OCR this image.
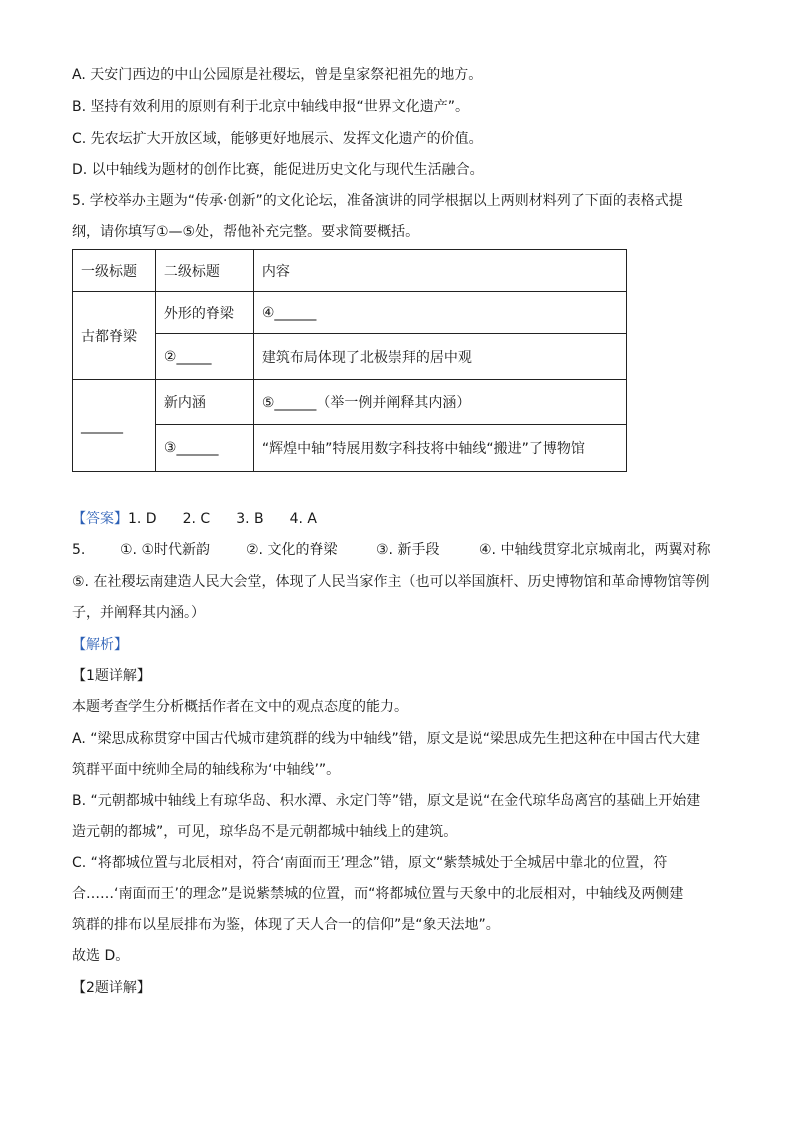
A. 天安门西边的中山公园原是社稷坛，曾是皇家祭祀祖先的地方。
B. 坚持有效利用的原则有利于北京中轴线申报“世界文化遗产”。
C. 先农坛扩大开放区域，能够更好地展示、发挥文化遗产的价值。
D. 以中轴线为题材的创作比赛，能促进历史文化与现代生活融合。
5. 学校举办主题为“传承·创新”的文化论坛，准备演讲的同学根据以上两则材料列了下面的表格式提
纲，请你填写①—⑤处，帮他补充完整。要求简要概括。
一级标题	二级标题	内容
古都脊梁	外形的脊梁	④______
	②_____	建筑布局体现了北极崇拜的居中观
______	新内涵	⑤______（举一例并阐释其内涵）
	③______	“辉煌中轴”特展用数字科技将中轴线“搬进”了博物馆
【答案】1. D 2. C 3. B 4. A
5. ①. ①时代新韵	②. 文化的脊梁	③. 新手段	④. 中轴线贯穿北京城南北，两翼对称
⑤. 在社稷坛南建造人民大会堂，体现了人民当家作主（也可以举国旗杆、历史博物馆和革命博物馆等例
子，并阐释其内涵。）
【解析】
【1题详解】
本题考查学生分析概括作者在文中的观点态度的能力。
A. “梁思成称贯穿中国古代城市建筑群的线为中轴线”错，原文是说“梁思成先生把这种在中国古代大建
筑群平面中统帅全局的轴线称为‘中轴线’”。
B. “元朝都城中轴线上有琼华岛、积水潭、永定门等”错，原文是说“在金代琼华岛离宫的基础上开始建
造元朝的都城”，可见，琼华岛不是元朝都城中轴线上的建筑。
C. “将都城位置与北辰相对，符合‘南面而王’理念”错，原文“紫禁城处于全城居中靠北的位置，符
合……‘南面而王’的理念”是说紫禁城的位置，而“将都城位置与天象中的北辰相对，中轴线及两侧建
筑群的排布以星辰排布为鉴，体现了天人合一的信仰”是“象天法地”。
故选 D。
【2题详解】
